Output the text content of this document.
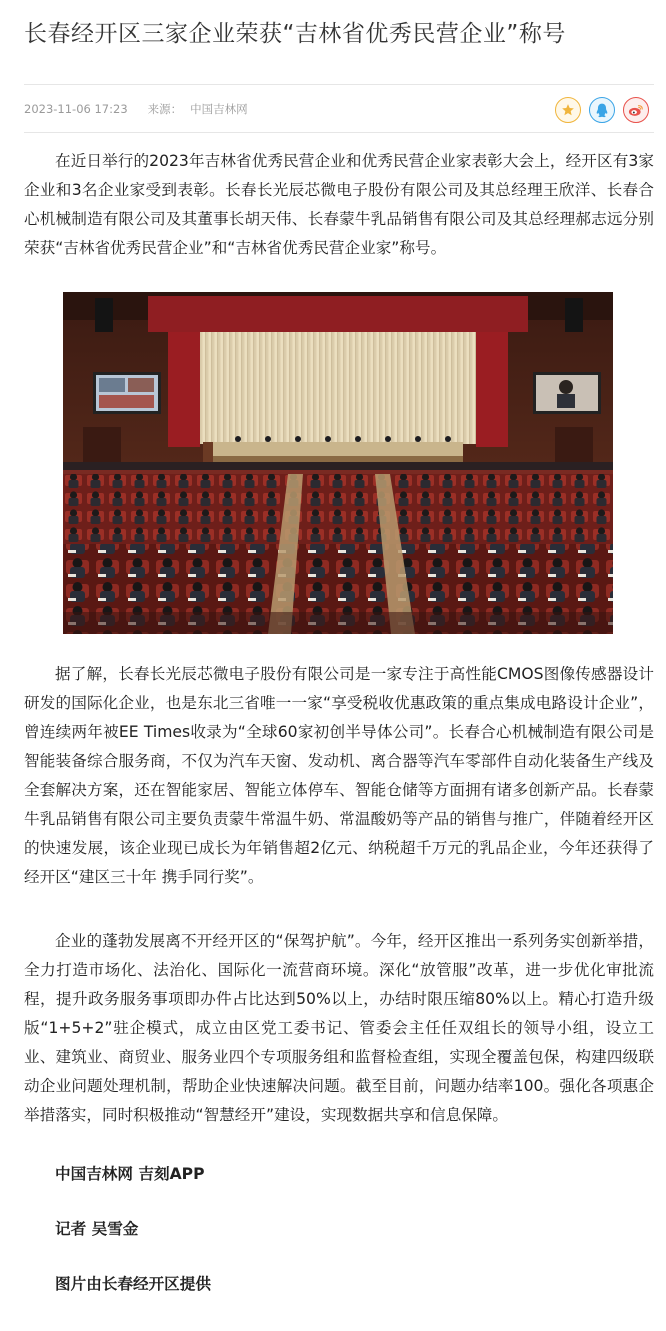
长春经开区三家企业荣获“吉林省优秀民营企业”称号
2023-11-06 17:23 来源： 中国吉林网

在近日举行的2023年吉林省优秀民营企业和优秀民营企业家表彰大会上，经开区有3家企业和3名企业家受到表彰。长春长光辰芯微电子股份有限公司及其总经理王欣洋、长春合心机械制造有限公司及其董事长胡天伟、长春蒙牛乳品销售有限公司及其总经理郝志远分别荣获“吉林省优秀民营企业”和“吉林省优秀民营企业家”称号。

据了解，长春长光辰芯微电子股份有限公司是一家专注于高性能CMOS图像传感器设计研发的国际化企业，也是东北三省唯一一家“享受税收优惠政策的重点集成电路设计企业”，曾连续两年被EE Times收录为“全球60家初创半导体公司”。长春合心机械制造有限公司是智能装备综合服务商，不仅为汽车天窗、发动机、离合器等汽车零部件自动化装备生产线及全套解决方案，还在智能家居、智能立体停车、智能仓储等方面拥有诸多创新产品。长春蒙牛乳品销售有限公司主要负责蒙牛常温牛奶、常温酸奶等产品的销售与推广，伴随着经开区的快速发展，该企业现已成长为年销售超2亿元、纳税超千万元的乳品企业，今年还获得了经开区“建区三十年 携手同行奖”。

企业的蓬勃发展离不开经开区的“保驾护航”。今年，经开区推出一系列务实创新举措，全力打造市场化、法治化、国际化一流营商环境。深化“放管服”改革，进一步优化审批流程，提升政务服务事项即办件占比达到50%以上，办结时限压缩80%以上。精心打造升级版“1+5+2”驻企模式，成立由区党工委书记、管委会主任任双组长的领导小组，设立工业、建筑业、商贸业、服务业四个专项服务组和监督检查组，实现全覆盖包保，构建四级联动企业问题处理机制，帮助企业快速解决问题。截至目前，问题办结率100。强化各项惠企举措落实，同时积极推动“智慧经开”建设，实现数据共享和信息保障。

中国吉林网 吉刻APP
记者 吴雪金
图片由长春经开区提供
